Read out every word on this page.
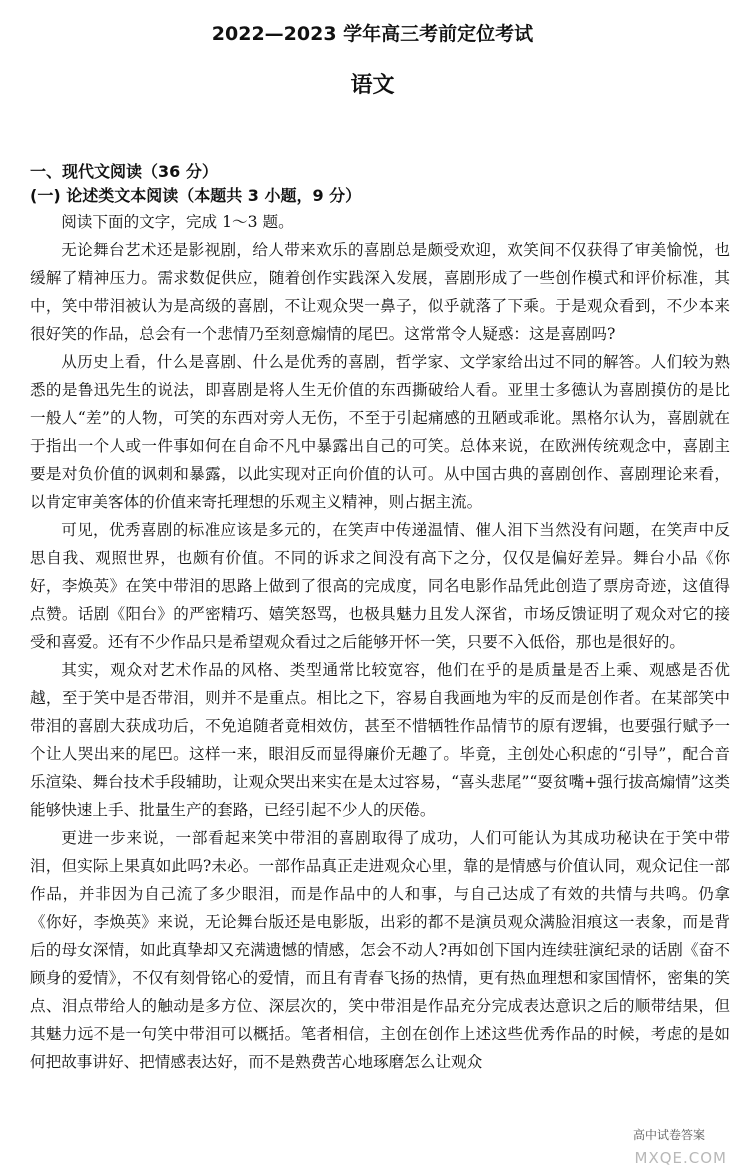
2022—2023 学年高三考前定位考试
语文
一、现代文阅读（36 分）
(一) 论述类文本阅读（本题共 3 小题，9 分）
阅读下面的文字，完成 1～3 题。

无论舞台艺术还是影视剧，给人带来欢乐的喜剧总是颇受欢迎，欢笑间不仅获得了审美愉悦，也缓解了精神压力。需求数促供应，随着创作实践深入发展，喜剧形成了一些创作模式和评价标准，其中，笑中带泪被认为是高级的喜剧，不让观众哭一鼻子，似乎就落了下乘。于是观众看到，不少本来很好笑的作品，总会有一个悲情乃至刻意煽情的尾巴。这常常令人疑惑：这是喜剧吗?

从历史上看，什么是喜剧、什么是优秀的喜剧，哲学家、文学家给出过不同的解答。人们较为熟悉的是鲁迅先生的说法，即喜剧是将人生无价值的东西撕破给人看。亚里士多德认为喜剧摸仿的是比一般人“差”的人物，可笑的东西对旁人无伤，不至于引起痛感的丑陋或乖讹。黑格尔认为，喜剧就在于指出一个人或一件事如何在自命不凡中暴露出自己的可笑。总体来说，在欧洲传统观念中，喜剧主要是对负价值的讽刺和暴露，以此实现对正向价值的认可。从中国古典的喜剧创作、喜剧理论来看，以肯定审美客体的价值来寄托理想的乐观主义精神，则占据主流。

可见，优秀喜剧的标准应该是多元的，在笑声中传递温情、催人泪下当然没有问题，在笑声中反思自我、观照世界，也颇有价值。不同的诉求之间没有高下之分，仅仅是偏好差异。舞台小品《你好，李焕英》在笑中带泪的思路上做到了很高的完成度，同名电影作品凭此创造了票房奇迹，这值得点赞。话剧《阳台》的严密精巧、嬉笑怒骂，也极具魅力且发人深省，市场反馈证明了观众对它的接受和喜爱。还有不少作品只是希望观众看过之后能够开怀一笑，只要不入低俗，那也是很好的。

其实，观众对艺术作品的风格、类型通常比较宽容，他们在乎的是质量是否上乘、观感是否优越，至于笑中是否带泪，则并不是重点。相比之下，容易自我画地为牢的反而是创作者。在某部笑中带泪的喜剧大获成功后，不免追随者竟相效仿，甚至不惜牺牲作品情节的原有逻辑，也要强行赋予一个让人哭出来的尾巴。这样一来，眼泪反而显得廉价无趣了。毕竟，主创处心积虑的“引导”，配合音乐渲染、舞台技术手段辅助，让观众哭出来实在是太过容易，“喜头悲尾”“耍贫嘴+强行拔高煽情”这类能够快速上手、批量生产的套路，已经引起不少人的厌倦。

更进一步来说，一部看起来笑中带泪的喜剧取得了成功，人们可能认为其成功秘诀在于笑中带泪，但实际上果真如此吗?未必。一部作品真正走进观众心里，靠的是情感与价值认同，观众记住一部作品，并非因为自己流了多少眼泪，而是作品中的人和事，与自己达成了有效的共情与共鸣。仍拿《你好，李焕英》来说，无论舞台版还是电影版，出彩的都不是演员观众满脸泪痕这一表象，而是背后的母女深情，如此真挚却又充满遗憾的情感，怎会不动人?再如创下国内连续驻演纪录的话剧《奋不顾身的爱情》，不仅有刻骨铭心的爱情，而且有青春飞扬的热情，更有热血理想和家国情怀，密集的笑点、泪点带给人的触动是多方位、深层次的，笑中带泪是作品充分完成表达意识之后的顺带结果，但其魅力远不是一句笑中带泪可以概括。笔者相信，主创在创作上述这些优秀作品的时候，考虑的是如何把故事讲好、把情感表达好，而不是熟费苦心地琢磨怎么让观众

高中试卷答案
MXQE.COM
